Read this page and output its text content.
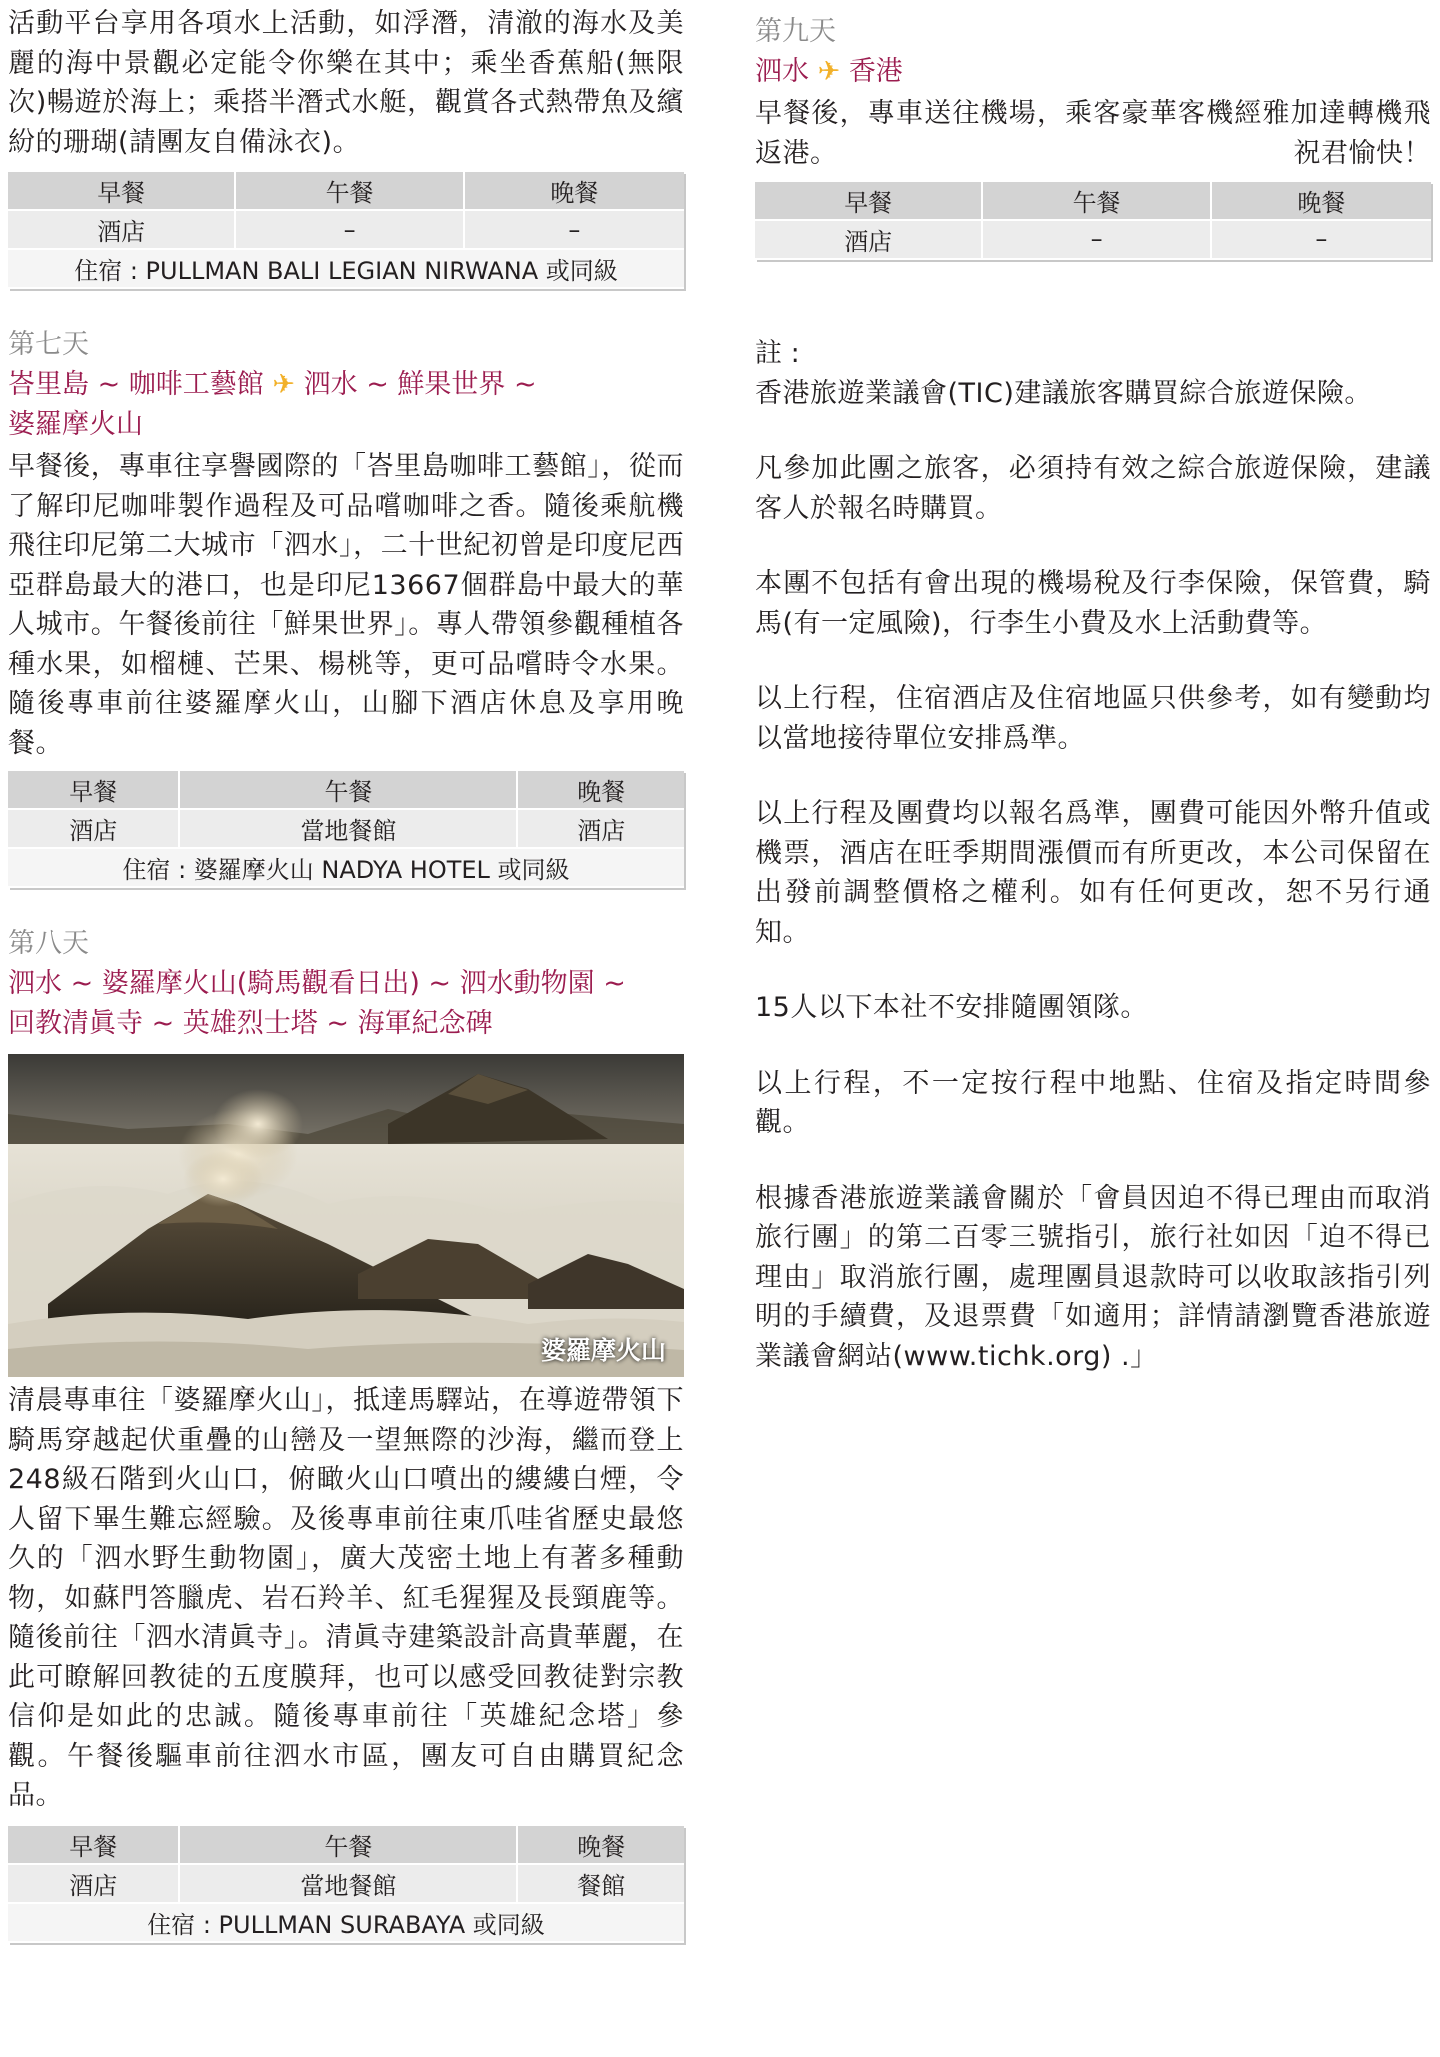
活動平台享用各項水上活動，如浮潛，清澈的海水及美麗的海中景觀必定能令你樂在其中；乘坐香蕉船(無限次)暢遊於海上；乘搭半潛式水艇，觀賞各式熱帶魚及繽紛的珊瑚(請團友自備泳衣)。

早餐	午餐	晚餐
酒店	–	–
住宿 : PULLMAN BALI LEGIAN NIRWANA 或同級		

第七天

峇里島 ~ 咖啡工藝館 ✈ 泗水 ~ 鮮果世界 ~

婆羅摩火山

早餐後，專車往享譽國際的「峇里島咖啡工藝館」，從而了解印尼咖啡製作過程及可品嚐咖啡之香。隨後乘航機飛往印尼第二大城市「泗水」，二十世紀初曾是印度尼西亞群島最大的港口，也是印尼13667個群島中最大的華人城市。午餐後前往「鮮果世界」。專人帶領參觀種植各種水果，如榴槤、芒果、楊桃等，更可品嚐時令水果。隨後專車前往婆羅摩火山，山腳下酒店休息及享用晚餐。

早餐	午餐	晚餐
酒店	當地餐館	酒店
住宿 : 婆羅摩火山 NADYA HOTEL 或同級		

第八天

泗水 ~ 婆羅摩火山(騎馬觀看日出) ~ 泗水動物園 ~

回教清眞寺 ~ 英雄烈士塔 ~ 海軍紀念碑

婆羅摩火山

清晨專車往「婆羅摩火山」，抵達馬驛站，在導遊帶領下騎馬穿越起伏重疊的山巒及一望無際的沙海，繼而登上248級石階到火山口，俯瞰火山口噴出的縷縷白煙，令人留下畢生難忘經驗。及後專車前往東爪哇省歷史最悠久的「泗水野生動物園」，廣大茂密土地上有著多種動物，如蘇門答臘虎、岩石羚羊、紅毛猩猩及長頸鹿等。隨後前往「泗水清眞寺」。清眞寺建築設計高貴華麗，在此可瞭解回教徒的五度膜拜，也可以感受回教徒對宗教信仰是如此的忠誠。隨後專車前往「英雄紀念塔」參觀。午餐後驅車前往泗水市區，團友可自由購買紀念品。

早餐	午餐	晚餐
酒店	當地餐館	餐館
住宿 : PULLMAN SURABAYA 或同級		

第九天

泗水 ✈ 香港

早餐後，專車送往機場，乘客豪華客機經雅加達轉機飛返港。	祝君愉快！

早餐	午餐	晚餐
酒店	–	–

註 :

香港旅遊業議會(TIC)建議旅客購買綜合旅遊保險。

凡參加此團之旅客，必須持有效之綜合旅遊保險，建議客人於報名時購買。

本團不包括有會出現的機場稅及行李保險，保管費，騎馬(有一定風險)，行李生小費及水上活動費等。

以上行程，住宿酒店及住宿地區只供參考，如有變動均以當地接待單位安排爲準。

以上行程及團費均以報名爲準，團費可能因外幣升值或機票，酒店在旺季期間漲價而有所更改，本公司保留在出發前調整價格之權利。如有任何更改，恕不另行通知。

15人以下本社不安排隨團領隊。

以上行程，不一定按行程中地點、住宿及指定時間參觀。

根據香港旅遊業議會關於「會員因迫不得已理由而取消旅行團」的第二百零三號指引，旅行社如因「迫不得已理由」取消旅行團，處理團員退款時可以收取該指引列明的手續費，及退票費「如適用；詳情請瀏覽香港旅遊業議會網站(www.tichk.org) .」
